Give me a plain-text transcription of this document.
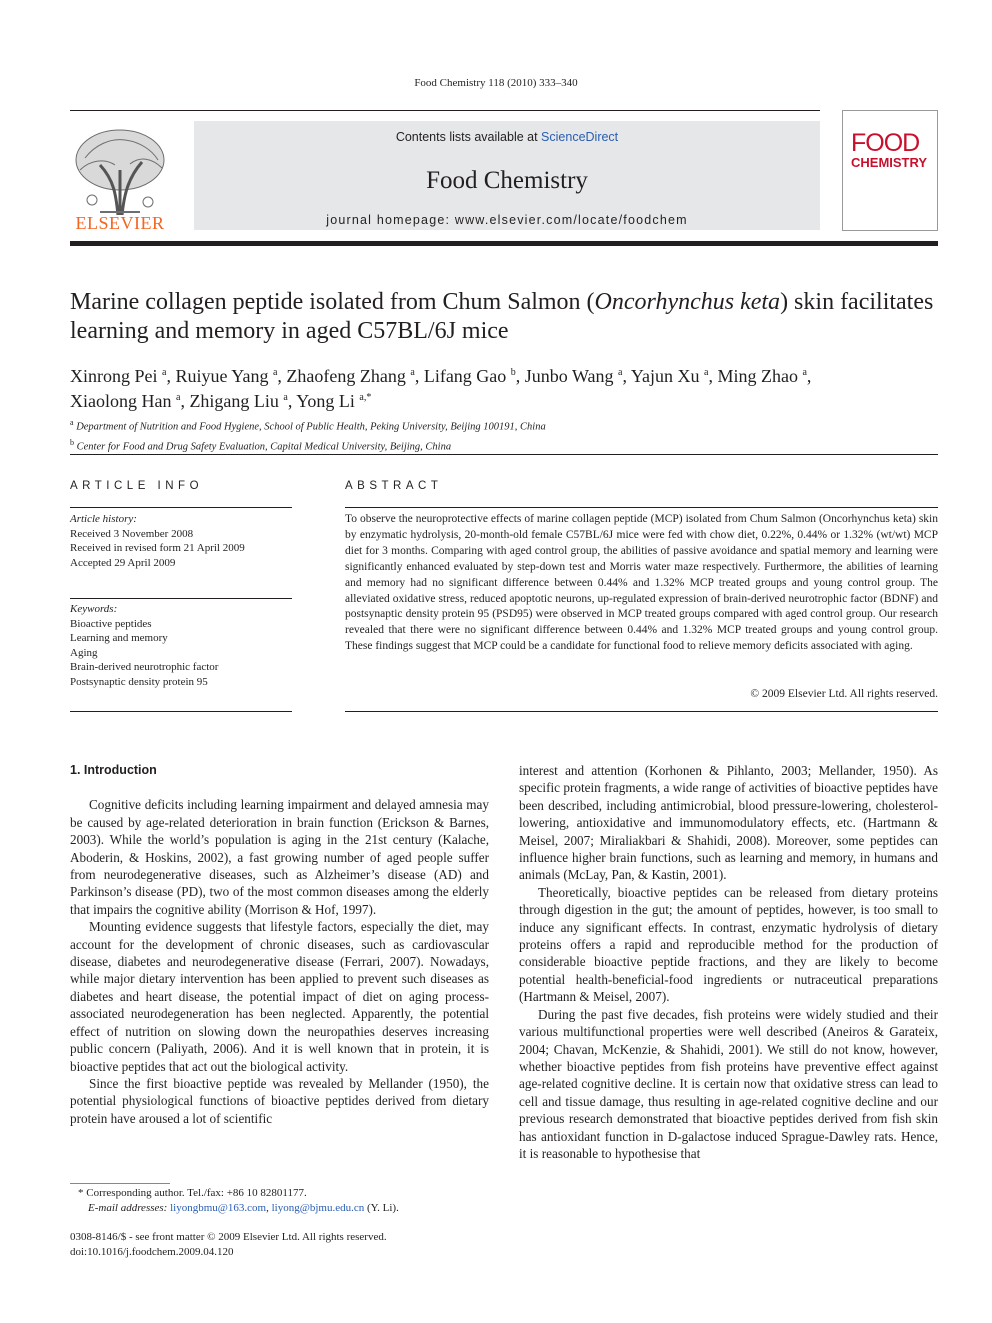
Food Chemistry 118 (2010) 333–340
ELSEVIER
Contents lists available at ScienceDirect
Food Chemistry
journal homepage: www.elsevier.com/locate/foodchem
FOOD
CHEMISTRY
Marine collagen peptide isolated from Chum Salmon (Oncorhynchus keta) skin facilitates learning and memory in aged C57BL/6J mice
Xinrong Pei $^a$, Ruiyue Yang $^a$, Zhaofeng Zhang $^a$, Lifang Gao $^b$, Junbo Wang $^a$, Yajun Xu $^a$, Ming Zhao $^a$,
Xiaolong Han $^a$, Zhigang Liu $^a$, Yong Li $^{a,*}$
$^a$ Department of Nutrition and Food Hygiene, School of Public Health, Peking University, Beijing 100191, China
$^b$ Center for Food and Drug Safety Evaluation, Capital Medical University, Beijing, China
ARTICLE INFO	ABSTRACT
Article history:
Received 3 November 2008
Received in revised form 21 April 2009
Accepted 29 April 2009
Keywords:
Bioactive peptides
Learning and memory
Aging
Brain-derived neurotrophic factor
Postsynaptic density protein 95
To observe the neuroprotective effects of marine collagen peptide (MCP) isolated from Chum Salmon (Oncorhynchus keta) skin by enzymatic hydrolysis, 20-month-old female C57BL/6J mice were fed with chow diet, 0.22%, 0.44% or 1.32% (wt/wt) MCP diet for 3 months. Comparing with aged control group, the abilities of passive avoidance and spatial memory and learning were significantly enhanced evaluated by step-down test and Morris water maze respectively. Furthermore, the abilities of learning and memory had no significant difference between 0.44% and 1.32% MCP treated groups and young control group. The alleviated oxidative stress, reduced apoptotic neurons, up-regulated expression of brain-derived neurotrophic factor (BDNF) and postsynaptic density protein 95 (PSD95) were observed in MCP treated groups compared with aged control group. Our research revealed that there were no significant difference between 0.44% and 1.32% MCP treated groups and young control group. These findings suggest that MCP could be a candidate for functional food to relieve memory deficits associated with aging.
© 2009 Elsevier Ltd. All rights reserved.
1. Introduction

Cognitive deficits including learning impairment and delayed amnesia may be caused by age-related deterioration in brain function (Erickson & Barnes, 2003). While the world’s population is aging in the 21st century (Kalache, Aboderin, & Hoskins, 2002), a fast growing number of aged people suffer from neurodegenerative diseases, such as Alzheimer’s disease (AD) and Parkinson’s disease (PD), two of the most common diseases among the elderly that impairs the cognitive ability (Morrison & Hof, 1997).

Mounting evidence suggests that lifestyle factors, especially the diet, may account for the development of chronic diseases, such as cardiovascular disease, diabetes and neurodegenerative disease (Ferrari, 2007). Nowadays, while major dietary intervention has been applied to prevent such diseases as diabetes and heart disease, the potential impact of diet on aging process-associated neurodegeneration has been neglected. Apparently, the potential effect of nutrition on slowing down the neuropathies deserves increasing public concern (Paliyath, 2006). And it is well known that in protein, it is bioactive peptides that act out the biological activity.

Since the first bioactive peptide was revealed by Mellander (1950), the potential physiological functions of bioactive peptides derived from dietary protein have aroused a lot of scientific

interest and attention (Korhonen & Pihlanto, 2003; Mellander, 1950). As specific protein fragments, a wide range of activities of bioactive peptides have been described, including antimicrobial, blood pressure-lowering, cholesterol-lowering, antioxidative and immunomodulatory effects, etc. (Hartmann & Meisel, 2007; Miraliakbari & Shahidi, 2008). Moreover, some peptides can influence higher brain functions, such as learning and memory, in humans and animals (McLay, Pan, & Kastin, 2001).

Theoretically, bioactive peptides can be released from dietary proteins through digestion in the gut; the amount of peptides, however, is too small to induce any significant effects. In contrast, enzymatic hydrolysis of dietary proteins offers a rapid and reproducible method for the production of considerable bioactive peptide fractions, and they are likely to become potential health-beneficial-food ingredients or nutraceutical preparations (Hartmann & Meisel, 2007).

During the past five decades, fish proteins were widely studied and their various multifunctional properties were well described (Aneiros & Garateix, 2004; Chavan, McKenzie, & Shahidi, 2001). We still do not know, however, whether bioactive peptides from fish proteins have preventive effect against age-related cognitive decline. It is certain now that oxidative stress can lead to cell and tissue damage, thus resulting in age-related cognitive decline and our previous research demonstrated that bioactive peptides derived from fish skin has antioxidant function in D-galactose induced Sprague-Dawley rats. Hence, it is reasonable to hypothesise that

* Corresponding author. Tel./fax: +86 10 82801177.
E-mail addresses: liyongbmu@163.com, liyong@bjmu.edu.cn (Y. Li).
0308-8146/$ - see front matter © 2009 Elsevier Ltd. All rights reserved.
doi:10.1016/j.foodchem.2009.04.120
